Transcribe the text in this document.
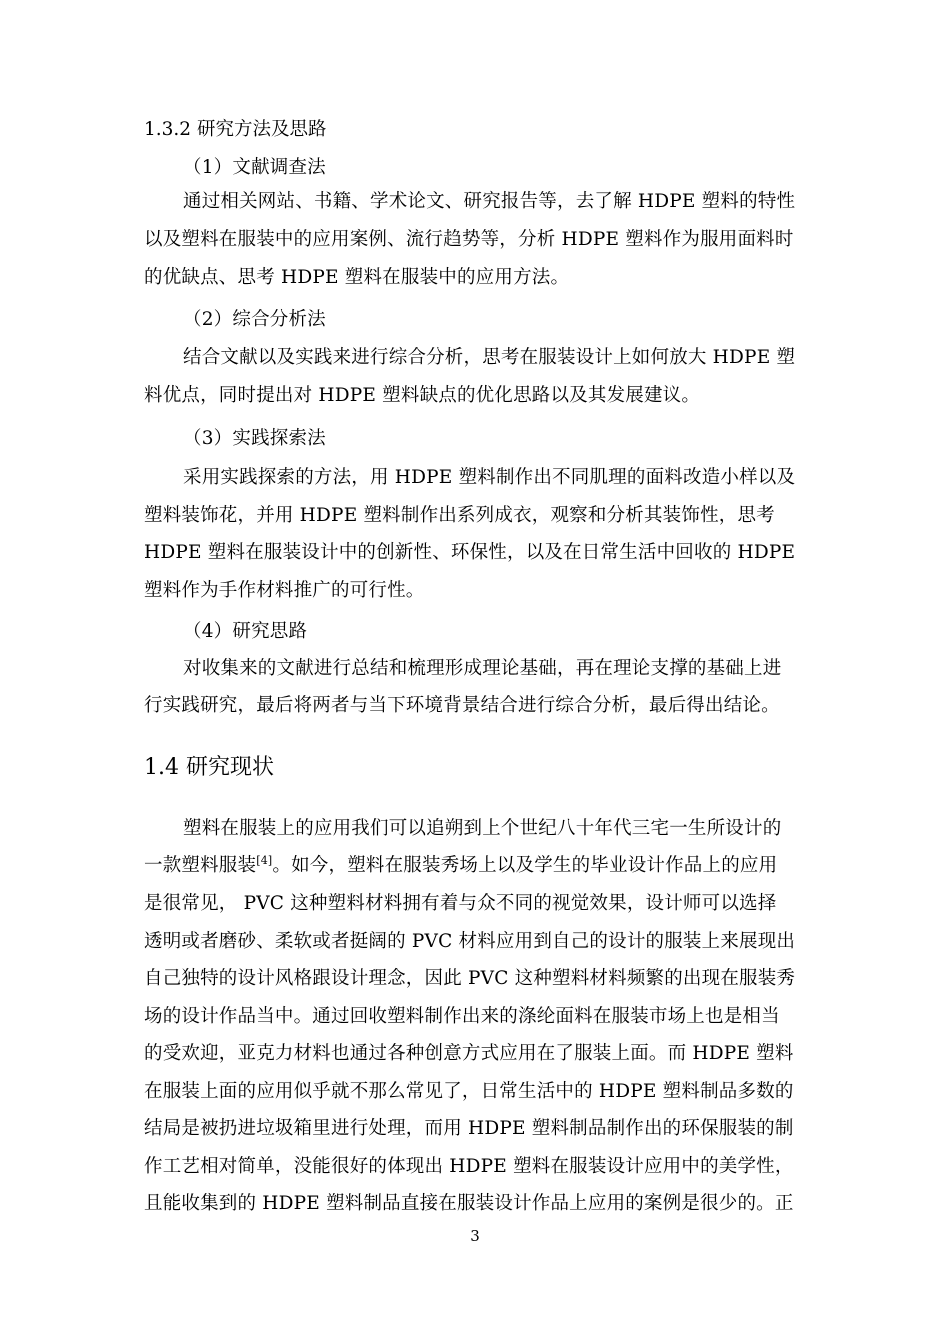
1.3.2 研究方法及思路
（1）文献调查法
通过相关网站、书籍、学术论文、研究报告等，去了解 HDPE 塑料的特性
以及塑料在服装中的应用案例、流行趋势等，分析 HDPE 塑料作为服用面料时
的优缺点、思考 HDPE 塑料在服装中的应用方法。
（2）综合分析法
结合文献以及实践来进行综合分析，思考在服装设计上如何放大 HDPE 塑
料优点，同时提出对 HDPE 塑料缺点的优化思路以及其发展建议。
（3）实践探索法
采用实践探索的方法，用 HDPE 塑料制作出不同肌理的面料改造小样以及
塑料装饰花，并用 HDPE 塑料制作出系列成衣，观察和分析其装饰性，思考
HDPE 塑料在服装设计中的创新性、环保性，以及在日常生活中回收的 HDPE
塑料作为手作材料推广的可行性。
（4）研究思路
对收集来的文献进行总结和梳理形成理论基础，再在理论支撑的基础上进
行实践研究，最后将两者与当下环境背景结合进行综合分析，最后得出结论。
1.4 研究现状
塑料在服装上的应用我们可以追朔到上个世纪八十年代三宅一生所设计的
一款塑料服装[4]。如今，塑料在服装秀场上以及学生的毕业设计作品上的应用
是很常见， PVC 这种塑料材料拥有着与众不同的视觉效果，设计师可以选择
透明或者磨砂、柔软或者挺阔的 PVC 材料应用到自己的设计的服装上来展现出
自己独特的设计风格跟设计理念，因此 PVC 这种塑料材料频繁的出现在服装秀
场的设计作品当中。通过回收塑料制作出来的涤纶面料在服装市场上也是相当
的受欢迎，亚克力材料也通过各种创意方式应用在了服装上面。而 HDPE 塑料
在服装上面的应用似乎就不那么常见了，日常生活中的 HDPE 塑料制品多数的
结局是被扔进垃圾箱里进行处理，而用 HDPE 塑料制品制作出的环保服装的制
作工艺相对简单，没能很好的体现出 HDPE 塑料在服装设计应用中的美学性，
且能收集到的 HDPE 塑料制品直接在服装设计作品上应用的案例是很少的。正
3
